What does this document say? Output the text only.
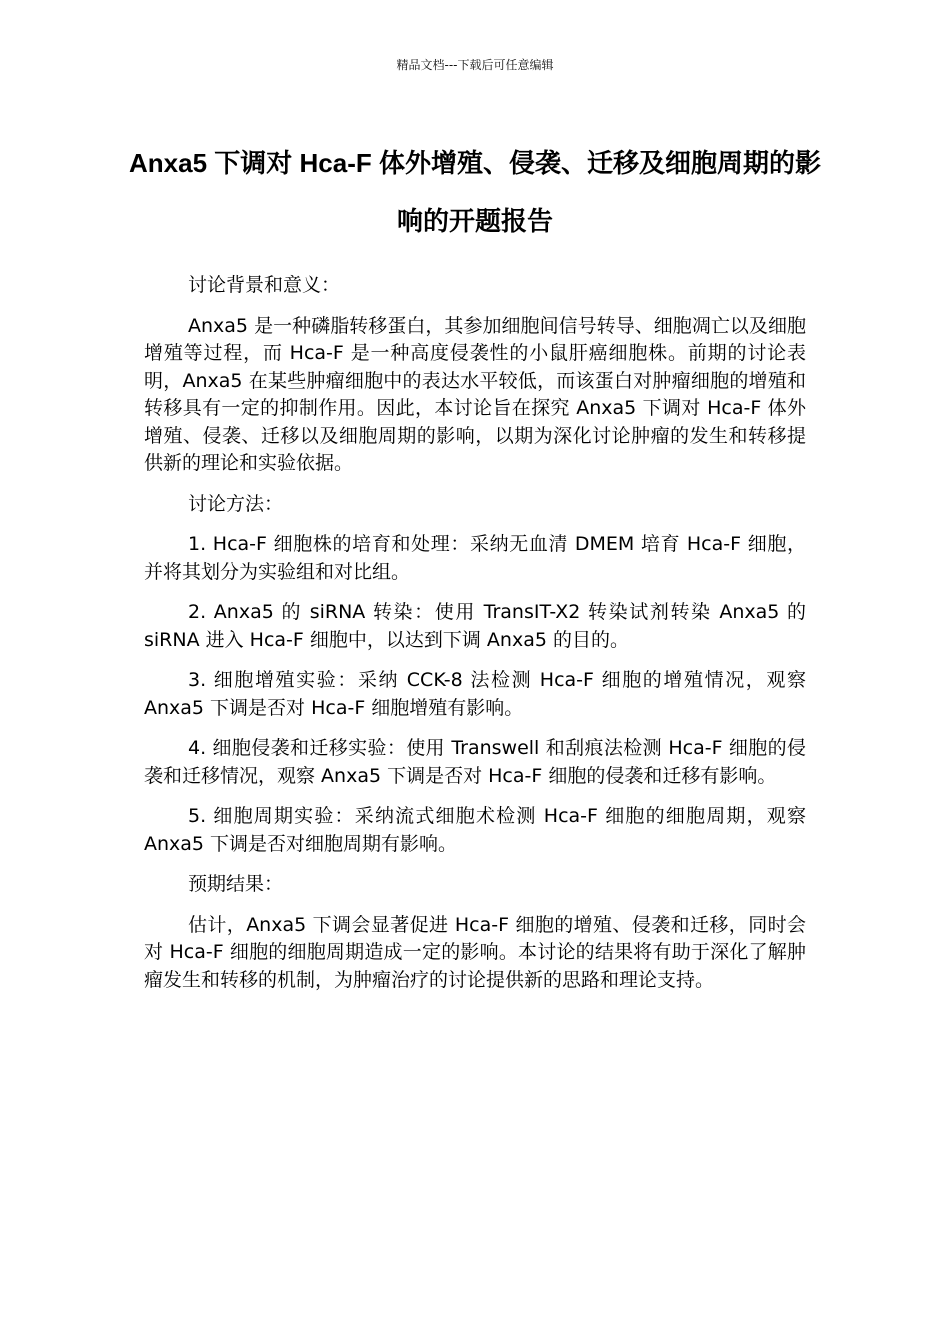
精品文档---下载后可任意编辑
Anxa5 下调对 Hca-F 体外增殖、侵袭、迁移及细胞周期的影响的开题报告

讨论背景和意义：

Anxa5 是一种磷脂转移蛋白，其参加细胞间信号转导、细胞凋亡以及细胞增殖等过程，而 Hca-F 是一种高度侵袭性的小鼠肝癌细胞株。前期的讨论表明，Anxa5 在某些肿瘤细胞中的表达水平较低，而该蛋白对肿瘤细胞的增殖和转移具有一定的抑制作用。因此，本讨论旨在探究 Anxa5 下调对 Hca-F 体外增殖、侵袭、迁移以及细胞周期的影响，以期为深化讨论肿瘤的发生和转移提供新的理论和实验依据。

讨论方法：

1. Hca-F 细胞株的培育和处理：采纳无血清 DMEM 培育 Hca-F 细胞，并将其划分为实验组和对比组。

2. Anxa5 的 siRNA 转染：使用 TransIT-X2 转染试剂转染 Anxa5 的 siRNA 进入 Hca-F 细胞中，以达到下调 Anxa5 的目的。

3. 细胞增殖实验：采纳 CCK-8 法检测 Hca-F 细胞的增殖情况，观察 Anxa5 下调是否对 Hca-F 细胞增殖有影响。

4. 细胞侵袭和迁移实验：使用 Transwell 和刮痕法检测 Hca-F 细胞的侵袭和迁移情况，观察 Anxa5 下调是否对 Hca-F 细胞的侵袭和迁移有影响。

5. 细胞周期实验：采纳流式细胞术检测 Hca-F 细胞的细胞周期，观察 Anxa5 下调是否对细胞周期有影响。

预期结果：

估计，Anxa5 下调会显著促进 Hca-F 细胞的增殖、侵袭和迁移，同时会对 Hca-F 细胞的细胞周期造成一定的影响。本讨论的结果将有助于深化了解肿瘤发生和转移的机制，为肿瘤治疗的讨论提供新的思路和理论支持。
